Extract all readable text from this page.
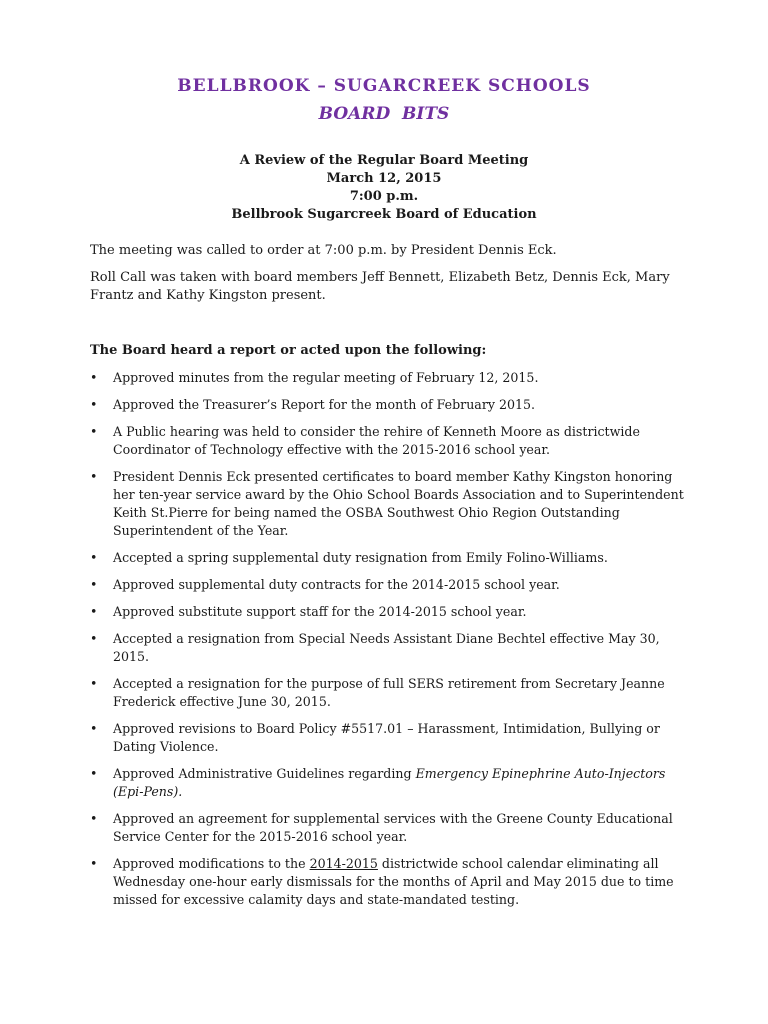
BELLBROOK – SUGARCREEK SCHOOLS
BOARD  BITS
A Review of the Regular Board Meeting
March 12, 2015
7:00 p.m.
Bellbrook Sugarcreek Board of Education

The meeting was called to order at 7:00 p.m. by President Dennis Eck.

Roll Call was taken with board members Jeff Bennett, Elizabeth Betz, Dennis Eck, Mary Frantz and Kathy Kingston present.

The Board heard a report or acted upon the following:
• Approved minutes from the regular meeting of February 12, 2015.
• Approved the Treasurer’s Report for the month of February 2015.
• A Public hearing was held to consider the rehire of Kenneth Moore as districtwide Coordinator of Technology effective with the 2015-2016 school year.
• President Dennis Eck presented certificates to board member Kathy Kingston honoring her ten-year service award by the Ohio School Boards Association and to Superintendent Keith St.Pierre for being named the OSBA Southwest Ohio Region Outstanding Superintendent of the Year.
• Accepted a spring supplemental duty resignation from Emily Folino-Williams.
• Approved supplemental duty contracts for the 2014-2015 school year.
• Approved substitute support staff for the 2014-2015 school year.
• Accepted a resignation from Special Needs Assistant Diane Bechtel effective May 30, 2015.
• Accepted a resignation for the purpose of full SERS retirement from Secretary Jeanne Frederick effective June 30, 2015.
• Approved revisions to Board Policy #5517.01 – Harassment, Intimidation, Bullying or Dating Violence.
• Approved Administrative Guidelines regarding Emergency Epinephrine Auto-Injectors (Epi-Pens).
• Approved an agreement for supplemental services with the Greene County Educational Service Center for the 2015-2016 school year.
• Approved modifications to the 2014-2015 districtwide school calendar eliminating all Wednesday one-hour early dismissals for the months of April and May 2015 due to time missed for excessive calamity days and state-mandated testing.
